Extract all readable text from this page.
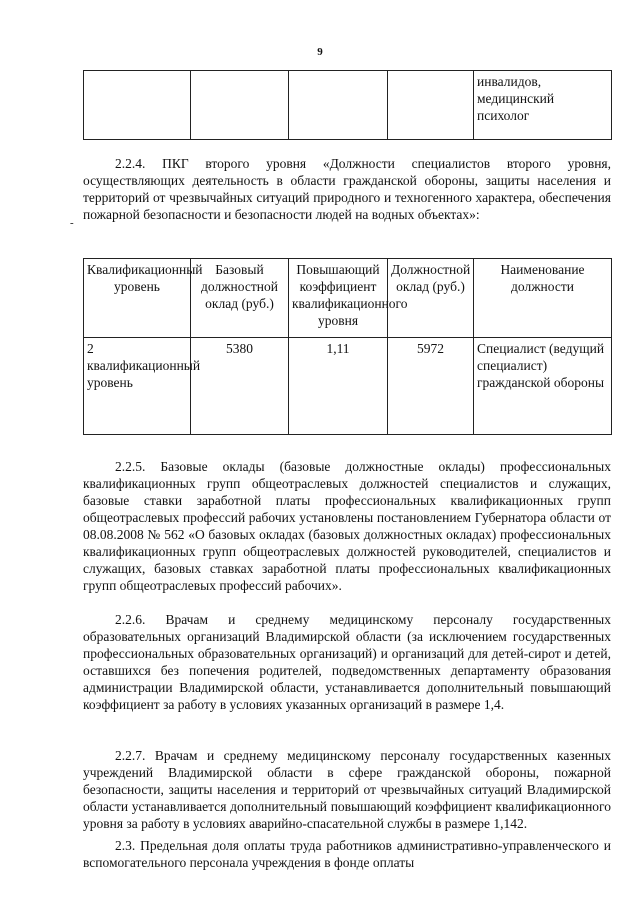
9
				инвалидов, медицинский психолог

2.2.4. ПКГ второго уровня «Должности специалистов второго уровня, осуществляющих деятельность в области гражданской обороны, защиты населения и территорий от чрезвычайных ситуаций природного и техногенного характера, обеспечения пожарной безопасности и безопасности людей на водных объектах»:

-
Квалификационный уровень	Базовый должностной оклад (руб.)	Повышающий коэффициент квалификационного уровня	Должностной оклад (руб.)	Наименование должности
2 квалификационный уровень	5380	1,11	5972	Специалист (ведущий специалист) гражданской обороны

2.2.5. Базовые оклады (базовые должностные оклады) профессиональных квалификационных групп общеотраслевых должностей специалистов и служащих, базовые ставки заработной платы профессиональных квалификационных групп общеотраслевых профессий рабочих установлены постановлением Губернатора области от 08.08.2008 № 562 «О базовых окладах (базовых должностных окладах) профессиональных квалификационных групп общеотраслевых должностей руководителей, специалистов и служащих, базовых ставках заработной платы профессиональных квалификационных групп общеотраслевых профессий рабочих».

2.2.6. Врачам и среднему медицинскому персоналу государственных образовательных организаций Владимирской области (за исключением государственных профессиональных образовательных организаций) и организаций для детей-сирот и детей, оставшихся без попечения родителей, подведомственных департаменту образования администрации Владимирской области, устанавливается дополнительный повышающий коэффициент за работу в условиях указанных организаций в размере 1,4.

2.2.7. Врачам и среднему медицинскому персоналу государственных казенных учреждений Владимирской области в сфере гражданской обороны, пожарной безопасности, защиты населения и территорий от чрезвычайных ситуаций Владимирской области устанавливается дополнительный повышающий коэффициент квалификационного уровня за работу в условиях аварийно-спасательной службы в размере 1,142.

2.3. Предельная доля оплаты труда работников административно-управленческого и вспомогательного персонала учреждения в фонде оплаты
